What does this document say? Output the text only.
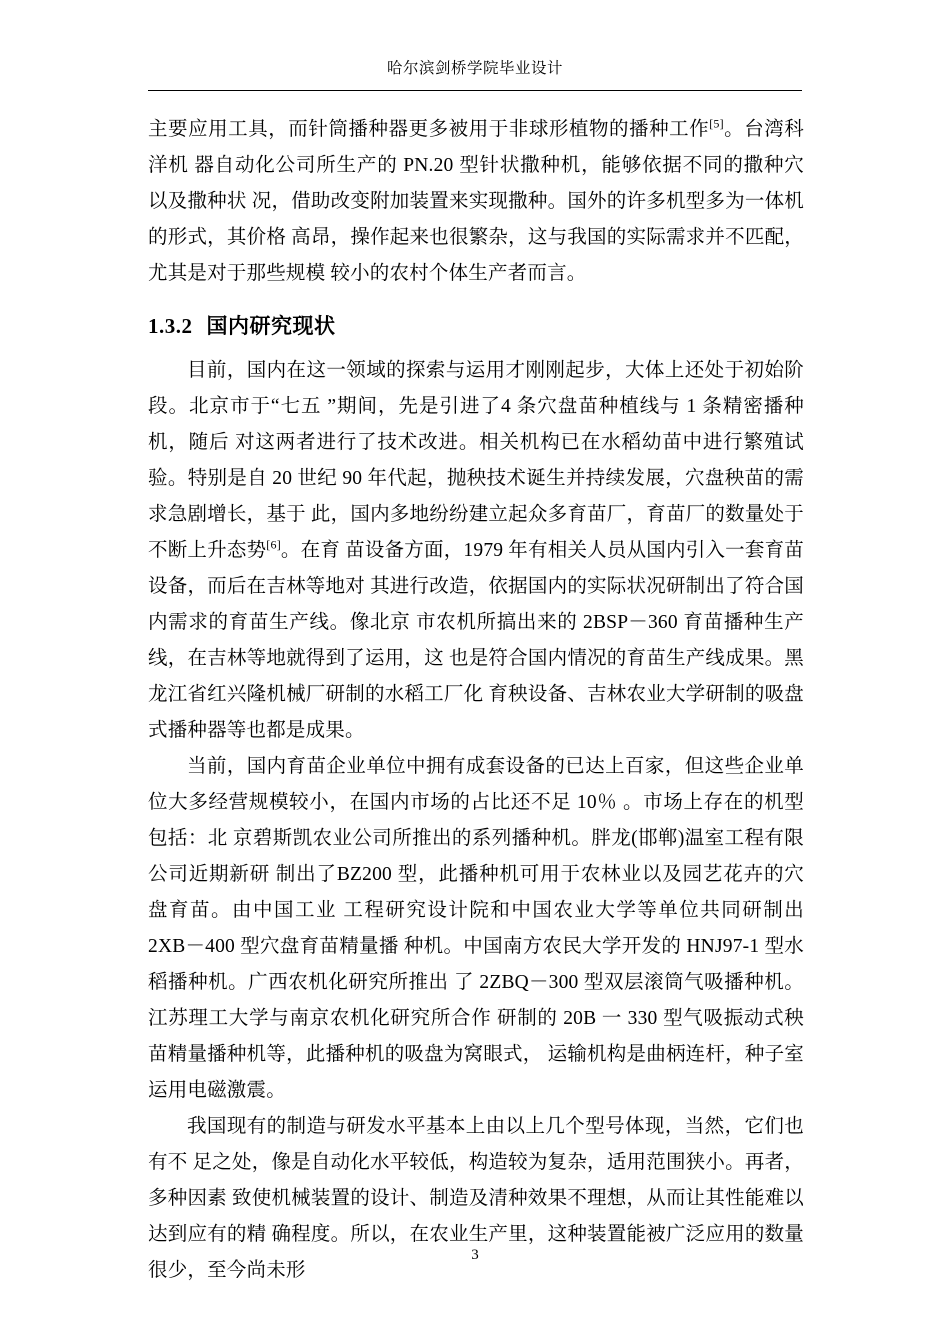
哈尔滨剑桥学院毕业设计

主要应用工具，而针筒播种器更多被用于非球形植物的播种工作[5]。台湾科洋机 器自动化公司所生产的 PN.20 型针状撒种机，能够依据不同的撒种穴以及撒种状 况，借助改变附加装置来实现撒种。国外的许多机型多为一体机的形式，其价格 高昂，操作起来也很繁杂，这与我国的实际需求并不匹配，尤其是对于那些规模 较小的农村个体生产者而言。

1.3.2 国内研究现状

目前，国内在这一领域的探索与运用才刚刚起步，大体上还处于初始阶段。北京市于“七五 ”期间，先是引进了4 条穴盘苗种植线与 1 条精密播种机，随后 对这两者进行了技术改进。相关机构已在水稻幼苗中进行繁殖试验。特别是自 20 世纪 90 年代起，抛秧技术诞生并持续发展，穴盘秧苗的需求急剧增长，基于 此，国内多地纷纷建立起众多育苗厂，育苗厂的数量处于不断上升态势[6]。在育 苗设备方面，1979 年有相关人员从国内引入一套育苗设备，而后在吉林等地对 其进行改造，依据国内的实际状况研制出了符合国内需求的育苗生产线。像北京 市农机所搞出来的 2BSP－360 育苗播种生产线，在吉林等地就得到了运用，这 也是符合国内情况的育苗生产线成果。黑龙江省红兴隆机械厂研制的水稻工厂化 育秧设备、吉林农业大学研制的吸盘式播种器等也都是成果。

当前，国内育苗企业单位中拥有成套设备的已达上百家，但这些企业单位大多经营规模较小，在国内市场的占比还不足 10％ 。市场上存在的机型包括：北 京碧斯凯农业公司所推出的系列播种机。胖龙(邯郸)温室工程有限公司近期新研 制出了BZ200 型，此播种机可用于农林业以及园艺花卉的穴盘育苗。由中国工业 工程研究设计院和中国农业大学等单位共同研制出 2XB－400 型穴盘育苗精量播 种机。中国南方农民大学开发的 HNJ97-1 型水稻播种机。广西农机化研究所推出 了 2ZBQ－300 型双层滚筒气吸播种机。江苏理工大学与南京农机化研究所合作 研制的 20B 一 330 型气吸振动式秧苗精量播种机等，此播种机的吸盘为窝眼式， 运输机构是曲柄连杆，种子室运用电磁激震。

我国现有的制造与研发水平基本上由以上几个型号体现，当然，它们也有不 足之处，像是自动化水平较低，构造较为复杂，适用范围狭小。再者，多种因素 致使机械装置的设计、制造及清种效果不理想，从而让其性能难以达到应有的精 确程度。所以，在农业生产里，这种装置能被广泛应用的数量很少，至今尚未形

3
